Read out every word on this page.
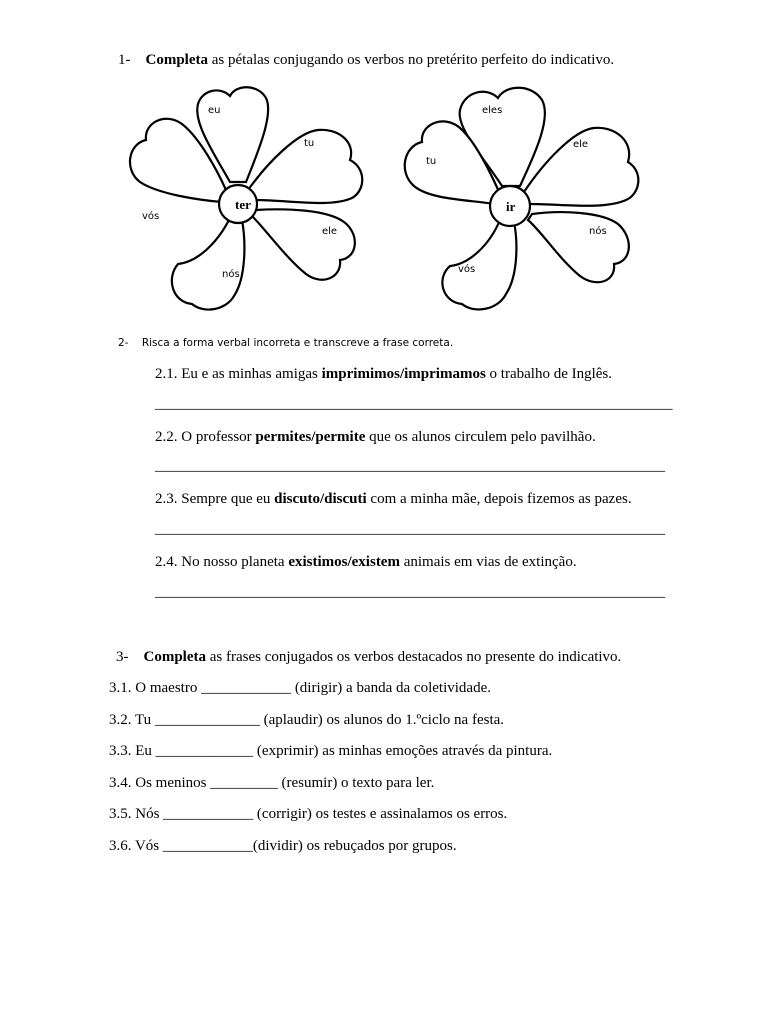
1- Completa as pétalas conjugando os verbos no pretérito perfeito do indicativo.
eu
tu
vós
ele
nós
ter
eles
ele
tu
nós
vós
ir
2- Risca a forma verbal incorreta e transcreve a frase correta.
2.1. Eu e as minhas amigas imprimimos/imprimamos o trabalho de Inglês.
_____________________________________________________________________
2.2. O professor permites/permite que os alunos circulem pelo pavilhão.
____________________________________________________________________
2.3. Sempre que eu discuto/discuti com a minha mãe, depois fizemos as pazes.
____________________________________________________________________
2.4. No nosso planeta existimos/existem animais em vias de extinção.
____________________________________________________________________
3- Completa as frases conjugados os verbos destacados no presente do indicativo.
3.1. O maestro ____________ (dirigir) a banda da coletividade.
3.2. Tu ______________ (aplaudir) os alunos do 1.ºciclo na festa.
3.3. Eu _____________ (exprimir) as minhas emoções através da pintura.
3.4. Os meninos _________ (resumir) o texto para ler.
3.5. Nós ____________ (corrigir) os testes e assinalamos os erros.
3.6. Vós ____________(dividir) os rebuçados por grupos.
